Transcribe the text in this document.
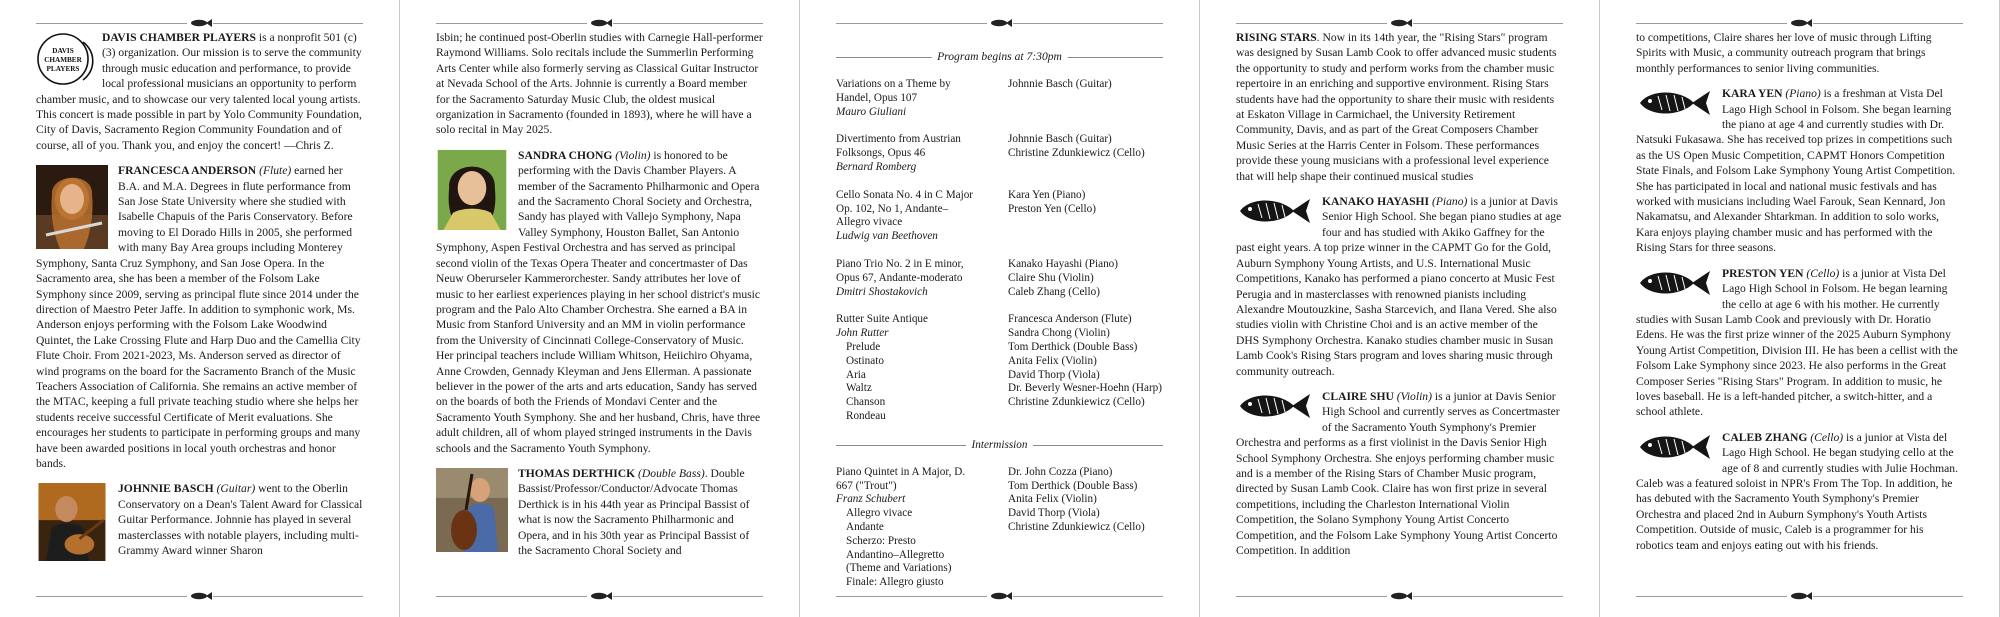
DAVIS
CHAMBER
PLAYERS
DAVIS CHAMBER PLAYERS is a nonprofit 501 (c)(3) organization. Our mission is to serve the community through music education and performance, to provide local professional musicians an opportunity to perform chamber music, and to showcase our very talented local young artists. This concert is made possible in part by Yolo Community Foundation, City of Davis, Sacramento Region Community Foundation and of course, all of you. Thank you, and enjoy the concert! —Chris Z.
FRANCESCA ANDERSON (Flute) earned her B.A. and M.A. Degrees in flute performance from San Jose State University where she studied with Isabelle Chapuis of the Paris Conservatory. Before moving to El Dorado Hills in 2005, she performed with many Bay Area groups including Monterey Symphony, Santa Cruz Symphony, and San Jose Opera. In the Sacramento area, she has been a member of the Folsom Lake Symphony since 2009, serving as principal flute since 2014 under the direction of Maestro Peter Jaffe. In addition to symphonic work, Ms. Anderson enjoys performing with the Folsom Lake Woodwind Quintet, the Lake Crossing Flute and Harp Duo and the Camellia City Flute Choir. From 2021-2023, Ms. Anderson served as director of wind programs on the board for the Sacramento Branch of the Music Teachers Association of California. She remains an active member of the MTAC, keeping a full private teaching studio where she helps her students receive successful Certificate of Merit evaluations. She encourages her students to participate in performing groups and many have been awarded positions in local youth orchestras and honor bands.
JOHNNIE BASCH (Guitar) went to the Oberlin Conservatory on a Dean's Talent Award for Classical Guitar Performance. Johnnie has played in several masterclasses with notable players, including multi-Grammy Award winner Sharon
Isbin; he continued post-Oberlin studies with Carnegie Hall-performer Raymond Williams. Solo recitals include the Summerlin Performing Arts Center while also formerly serving as Classical Guitar Instructor at Nevada School of the Arts. Johnnie is currently a Board member for the Sacramento Saturday Music Club, the oldest musical organization in Sacramento (founded in 1893), where he will have a solo recital in May 2025.
SANDRA CHONG (Violin) is honored to be performing with the Davis Chamber Players. A member of the Sacramento Philharmonic and Opera and the Sacramento Choral Society and Orchestra, Sandy has played with Vallejo Symphony, Napa Valley Symphony, Houston Ballet, San Antonio Symphony, Aspen Festival Orchestra and has served as principal second violin of the Texas Opera Theater and concertmaster of Das Neuw Oberurseler Kammerorchester. Sandy attributes her love of music to her earliest experiences playing in her school district's music program and the Palo Alto Chamber Orchestra. She earned a BA in Music from Stanford University and an MM in violin performance from the University of Cincinnati College-Conservatory of Music. Her principal teachers include William Whitson, Heiichiro Ohyama, Anne Crowden, Gennady Kleyman and Jens Ellerman. A passionate believer in the power of the arts and arts education, Sandy has served on the boards of both the Friends of Mondavi Center and the Sacramento Youth Symphony. She and her husband, Chris, have three adult children, all of whom played stringed instruments in the Davis schools and the Sacramento Youth Symphony.
THOMAS DERTHICK (Double Bass). Double Bassist/Professor/Conductor/Advocate Thomas Derthick is in his 44th year as Principal Bassist of what is now the Sacramento Philharmonic and Opera, and in his 30th year as Principal Bassist of the Sacramento Choral Society and
Program begins at 7:30pm
Variations on a Theme by
Handel, Opus 107
Mauro Giuliani
Johnnie Basch (Guitar)
Divertimento from Austrian
Folksongs, Opus 46
Bernard Romberg
Johnnie Basch (Guitar)
Christine Zdunkiewicz (Cello)
Cello Sonata No. 4 in C Major
Op. 102, No 1, Andante–
Allegro vivace
Ludwig van Beethoven
Kara Yen (Piano)
Preston Yen (Cello)
Piano Trio No. 2 in E minor,
Opus 67, Andante-moderato
Dmitri Shostakovich
Kanako Hayashi (Piano)
Claire Shu (Violin)
Caleb Zhang (Cello)
Rutter Suite Antique
John Rutter
Prelude
Ostinato
Aria
Waltz
Chanson
Rondeau
Francesca Anderson (Flute)
Sandra Chong (Violin)
Tom Derthick (Double Bass)
Anita Felix (Violin)
David Thorp (Viola)
Dr. Beverly Wesner-Hoehn (Harp)
Christine Zdunkiewicz (Cello)
Intermission
Piano Quintet in A Major, D.
667 ("Trout")
Franz Schubert
Allegro vivace
Andante
Scherzo: Presto
Andantino–Allegretto
(Theme and Variations)
Finale: Allegro giusto
Dr. John Cozza (Piano)
Tom Derthick (Double Bass)
Anita Felix (Violin)
David Thorp (Viola)
Christine Zdunkiewicz (Cello)
RISING STARS. Now in its 14th year, the "Rising Stars" program was designed by Susan Lamb Cook to offer advanced music students the opportunity to study and perform works from the chamber music repertoire in an enriching and supportive environment. Rising Stars students have had the opportunity to share their music with residents at Eskaton Village in Carmichael, the University Retirement Community, Davis, and as part of the Great Composers Chamber Music Series at the Harris Center in Folsom. These performances provide these young musicians with a professional level experience that will help shape their continued musical studies
KANAKO HAYASHI (Piano) is a junior at Davis Senior High School. She began piano studies at age four and has studied with Akiko Gaffney for the past eight years. A top prize winner in the CAPMT Go for the Gold, Auburn Symphony Young Artists, and U.S. International Music Competitions, Kanako has performed a piano concerto at Music Fest Perugia and in masterclasses with renowned pianists including Alexandre Moutouzkine, Sasha Starcevich, and Ilana Vered. She also studies violin with Christine Choi and is an active member of the DHS Symphony Orchestra. Kanako studies chamber music in Susan Lamb Cook's Rising Stars program and loves sharing music through community outreach.
CLAIRE SHU (Violin) is a junior at Davis Senior High School and currently serves as Concertmaster of the Sacramento Youth Symphony's Premier Orchestra and performs as a first violinist in the Davis Senior High School Symphony Orchestra. She enjoys performing chamber music and is a member of the Rising Stars of Chamber Music program, directed by Susan Lamb Cook. Claire has won first prize in several competitions, including the Charleston International Violin Competition, the Solano Symphony Young Artist Concerto Competition, and the Folsom Lake Symphony Young Artist Concerto Competition. In addition
to competitions, Claire shares her love of music through Lifting Spirits with Music, a community outreach program that brings monthly performances to senior living communities.
KARA YEN (Piano) is a freshman at Vista Del Lago High School in Folsom. She began learning the piano at age 4 and currently studies with Dr. Natsuki Fukasawa. She has received top prizes in competitions such as the US Open Music Competition, CAPMT Honors Competition State Finals, and Folsom Lake Symphony Young Artist Competition. She has participated in local and national music festivals and has worked with musicians including Wael Farouk, Sean Kennard, Jon Nakamatsu, and Alexander Shtarkman. In addition to solo works, Kara enjoys playing chamber music and has performed with the Rising Stars for three seasons.
PRESTON YEN (Cello) is a junior at Vista Del Lago High School in Folsom. He began learning the cello at age 6 with his mother. He currently studies with Susan Lamb Cook and previously with Dr. Horatio Edens. He was the first prize winner of the 2025 Auburn Symphony Young Artist Competition, Division III. He has been a cellist with the Folsom Lake Symphony since 2023. He also performs in the Great Composer Series "Rising Stars" Program. In addition to music, he loves baseball. He is a left-handed pitcher, a switch-hitter, and a school athlete.
CALEB ZHANG (Cello) is a junior at Vista del Lago High School. He began studying cello at the age of 8 and currently studies with Julie Hochman. Caleb was a featured soloist in NPR's From The Top. In addition, he has debuted with the Sacramento Youth Symphony's Premier Orchestra and placed 2nd in Auburn Symphony's Youth Artists Competition. Outside of music, Caleb is a programmer for his robotics team and enjoys eating out with his friends.
